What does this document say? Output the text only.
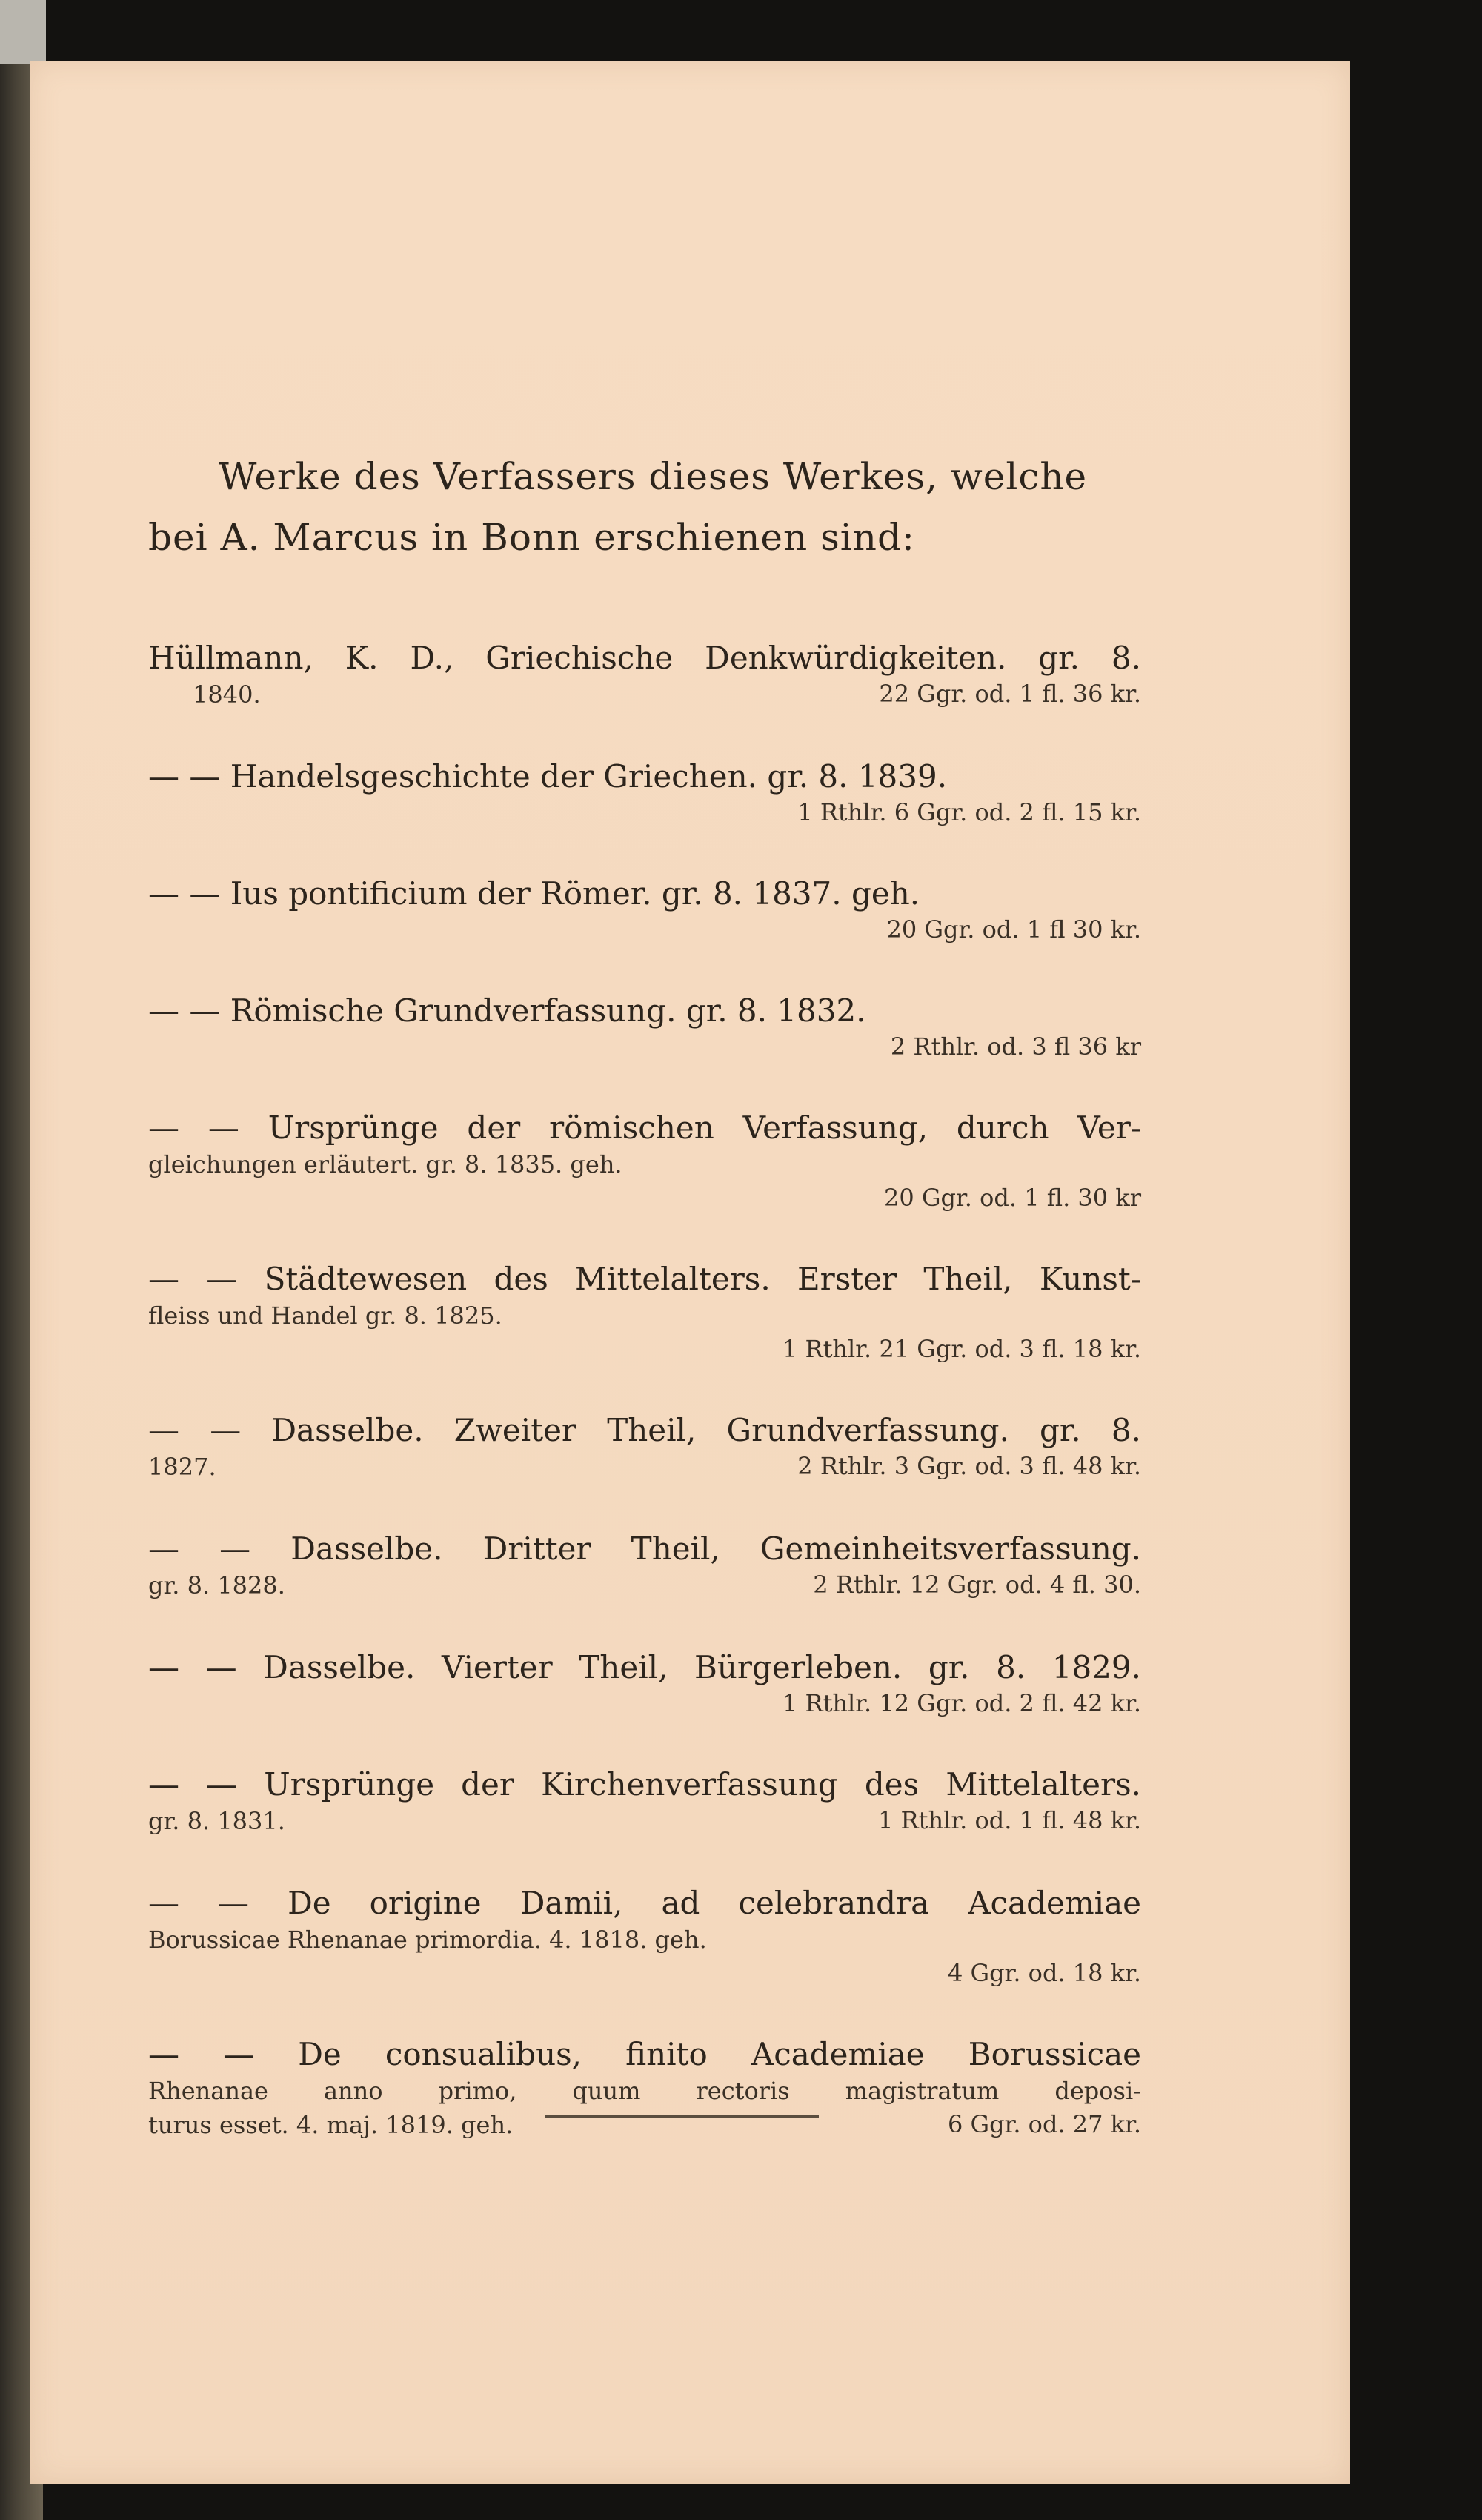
Werke des Verfassers dieses Werkes, welche
bei A. Marcus in Bonn erschienen sind:
Hüllmann, K. D., Griechische Denkwürdigkeiten. gr. 8.
1840.	22 Ggr. od. 1 fl. 36 kr.
— — Handelsgeschichte der Griechen. gr. 8. 1839.
1 Rthlr. 6 Ggr. od. 2 fl. 15 kr.
— — Ius pontificium der Römer. gr. 8. 1837. geh.
20 Ggr. od. 1 fl 30 kr.
— — Römische Grundverfassung. gr. 8. 1832.
2 Rthlr. od. 3 fl 36 kr
— — Ursprünge der römischen Verfassung, durch Ver-
gleichungen erläutert. gr. 8. 1835. geh.
20 Ggr. od. 1 fl. 30 kr
— — Städtewesen des Mittelalters. Erster Theil, Kunst-
fleiss und Handel gr. 8. 1825.
1 Rthlr. 21 Ggr. od. 3 fl. 18 kr.
— — Dasselbe. Zweiter Theil, Grundverfassung. gr. 8.
1827.	2 Rthlr. 3 Ggr. od. 3 fl. 48 kr.
— — Dasselbe. Dritter Theil, Gemeinheitsverfassung.
gr. 8. 1828.	2 Rthlr. 12 Ggr. od. 4 fl. 30.
— — Dasselbe. Vierter Theil, Bürgerleben. gr. 8. 1829.
1 Rthlr. 12 Ggr. od. 2 fl. 42 kr.
— — Ursprünge der Kirchenverfassung des Mittelalters.
gr. 8. 1831.	1 Rthlr. od. 1 fl. 48 kr.
— — De origine Damii, ad celebrandra Academiae
Borussicae Rhenanae primordia. 4. 1818. geh.
4 Ggr. od. 18 kr.
— — De consualibus, finito Academiae Borussicae
Rhenanae anno primo, quum rectoris magistratum deposi-
turus esset. 4. maj. 1819. geh.	6 Ggr. od. 27 kr.
